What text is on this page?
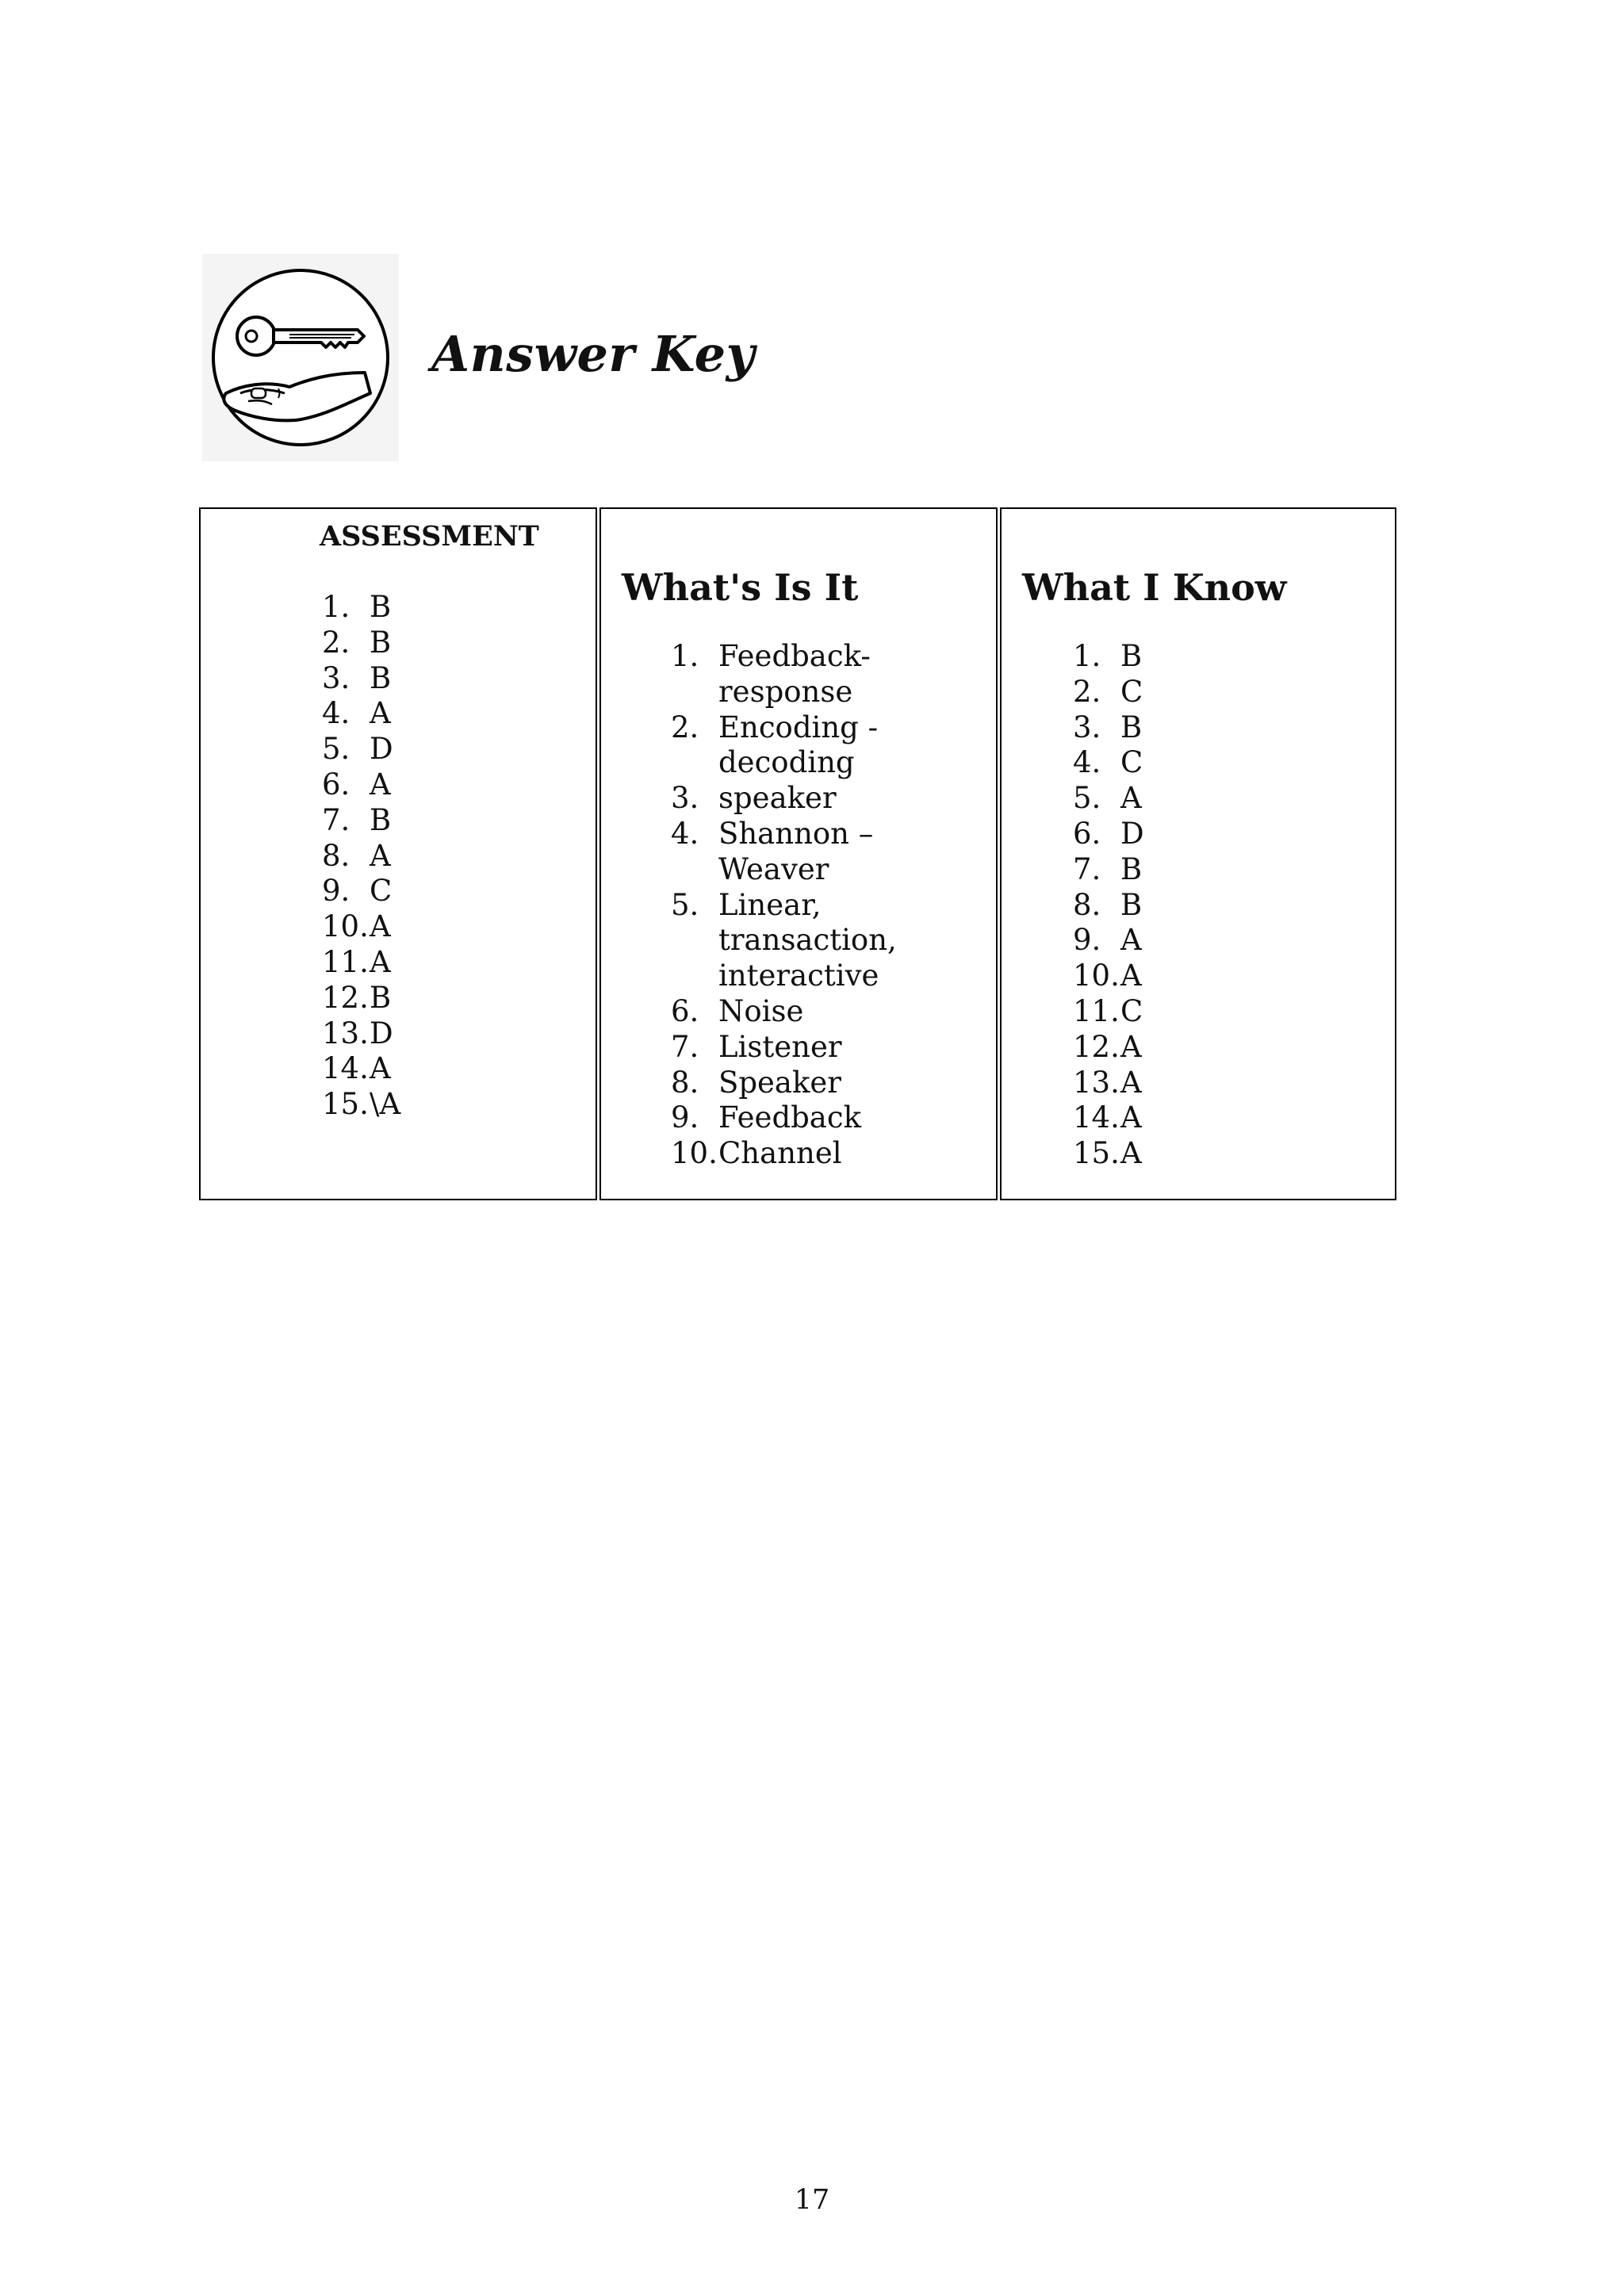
Answer Key
ASSESSMENT
1. B
2. B
3. B
4. A
5. D
6. A
7. B
8. A
9. C
10. A
11. A
12. B
13. D
14. A
15. \A
What's Is It
1. Feedback-response
2. Encoding - decoding
3. speaker
4. Shannon – Weaver
5. Linear, transaction, interactive
6. Noise
7. Listener
8. Speaker
9. Feedback
10. Channel
What I Know
1. B
2. C
3. B
4. C
5. A
6. D
7. B
8. B
9. A
10. A
11. C
12. A
13. A
14. A
15. A
17
